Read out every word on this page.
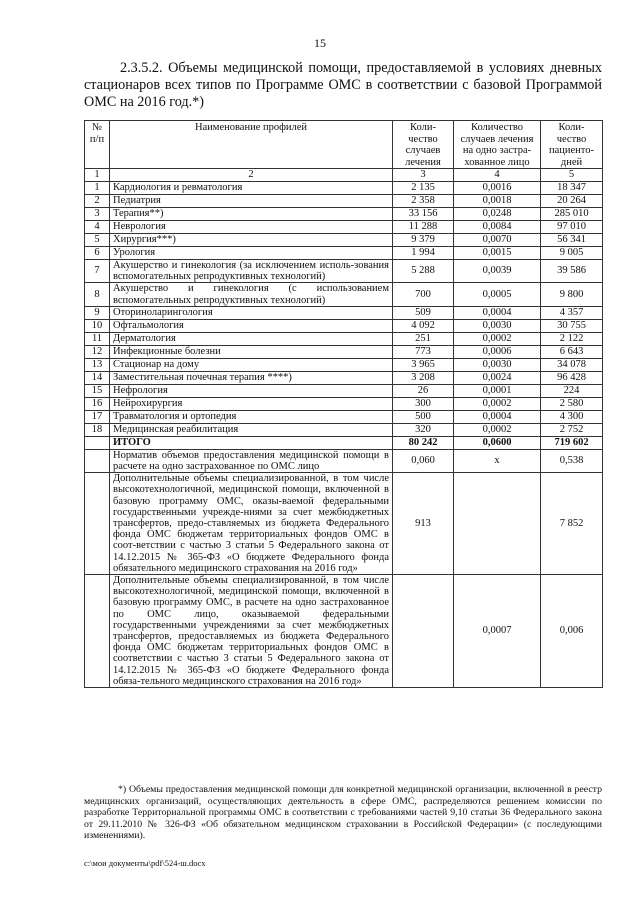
15
2.3.5.2. Объемы медицинской помощи, предоставляемой в условиях дневных стационаров всех типов по Программе ОМС в соответствии с базовой Программой ОМС на 2016 год.*)
№ п/п	Наименование профилей	Коли-чество случаев лечения	Количество случаев лечения на одно застра-хованное лицо	Коли-чество пациенто-дней
1	2	3	4	5
1	Кардиология и ревматология	2 135	0,0016	18 347
2	Педиатрия	2 358	0,0018	20 264
3	Терапия**)	33 156	0,0248	285 010
4	Неврология	11 288	0,0084	97 010
5	Хирургия***)	9 379	0,0070	56 341
6	Урология	1 994	0,0015	9 005
7	Акушерство и гинекология (за исключением исполь-зования вспомогательных репродуктивных технологий)	5 288	0,0039	39 586
8	Акушерство и гинекология (с использованием вспомогательных репродуктивных технологий)	700	0,0005	9 800
9	Оториноларингология	509	0,0004	4 357
10	Офтальмология	4 092	0,0030	30 755
11	Дерматология	251	0,0002	2 122
12	Инфекционные болезни	773	0,0006	6 643
13	Стационар на дому	3 965	0,0030	34 078
14	Заместительная почечная терапия ****)	3 208	0,0024	96 428
15	Нефрология	26	0,0001	224
16	Нейрохирургия	300	0,0002	2 580
17	Травматология и ортопедия	500	0,0004	4 300
18	Медицинская реабилитация	320	0,0002	2 752
	ИТОГО	80 242	0,0600	719 602
	Норматив объемов предоставления медицинской помощи в расчете на одно застрахованное по ОМС лицо	0,060	х	0,538
	Дополнительные объемы специализированной, в том числе высокотехнологичной, медицинской помощи, включенной в базовую программу ОМС, оказы-ваемой федеральными государственными учрежде-ниями за счет межбюджетных трансфертов, предо-ставляемых из бюджета Федерального фонда ОМС бюджетам территориальных фондов ОМС в соот-ветствии с частью 3 статьи 5 Федерального закона от 14.12.2015 № 365-ФЗ «О бюджете Федерального фонда обязательного медицинского страхования на 2016 год»	913		7 852
	Дополнительные объемы специализированной, в том числе высокотехнологичной, медицинской помощи, включенной в базовую программу ОМС, в расчете на одно застрахованное по ОМС лицо, оказываемой федеральными государственными учреждениями за счет межбюджетных трансфертов, предоставляемых из бюджета Федерального фонда ОМС бюджетам территориальных фондов ОМС в соответствии с частью 3 статьи 5 Федерального закона от 14.12.2015 № 365-ФЗ «О бюджете Федерального фонда обяза-тельного медицинского страхования на 2016 год»		0,0007	0,006
*) Объемы предоставления медицинской помощи для конкретной медицинской организации, включенной в реестр медицинских организаций, осуществляющих деятельность в сфере ОМС, распределяются решением комиссии по разработке Территориальной программы ОМС в соответствии с требованиями частей 9,10 статьи 36 Федерального закона от 29.11.2010 № 326-ФЗ «Об обязательном медицинском страховании в Российской Федерации» (с последующими изменениями).
c:\мои документы\pdf\524-ш.docx
